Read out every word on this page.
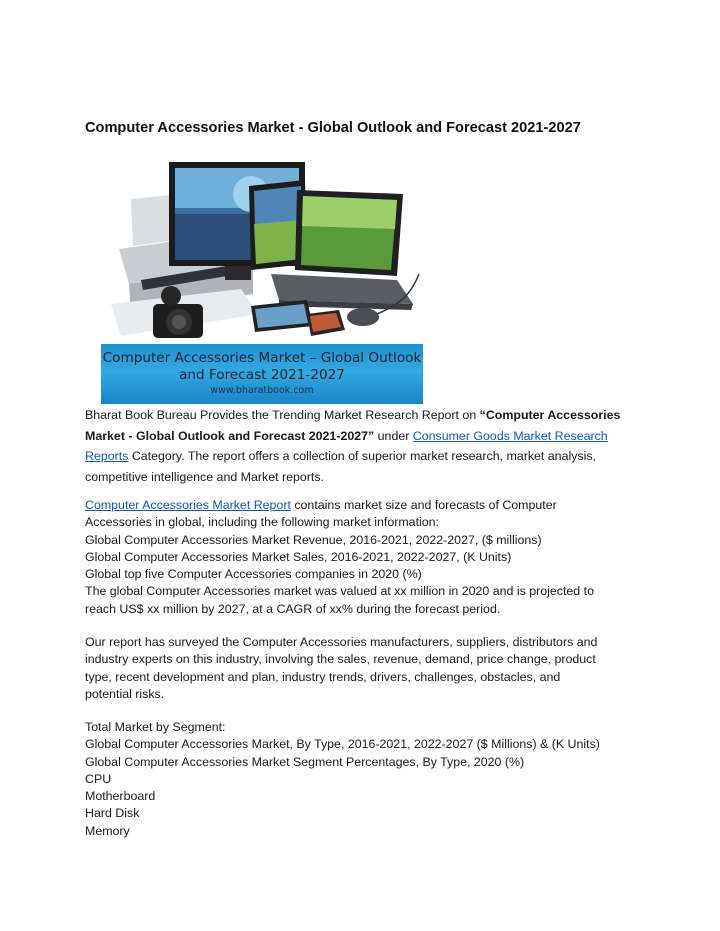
Computer Accessories Market - Global Outlook and Forecast 2021-2027
Computer Accessories Market – Global Outlook
and Forecast 2021-2027
www.bharatbook.com
Bharat Book Bureau Provides the Trending Market Research Report on “Computer Accessories
Market - Global Outlook and Forecast 2021-2027” under Consumer Goods Market Research
Reports Category. The report offers a collection of superior market research, market analysis,
competitive intelligence and Market reports.
Computer Accessories Market Report contains market size and forecasts of Computer
Accessories in global, including the following market information:
Global Computer Accessories Market Revenue, 2016-2021, 2022-2027, ($ millions)
Global Computer Accessories Market Sales, 2016-2021, 2022-2027, (K Units)
Global top five Computer Accessories companies in 2020 (%)
The global Computer Accessories market was valued at xx million in 2020 and is projected to
reach US$ xx million by 2027, at a CAGR of xx% during the forecast period.
Our report has surveyed the Computer Accessories manufacturers, suppliers, distributors and
industry experts on this industry, involving the sales, revenue, demand, price change, product
type, recent development and plan, industry trends, drivers, challenges, obstacles, and
potential risks.
Total Market by Segment:
Global Computer Accessories Market, By Type, 2016-2021, 2022-2027 ($ Millions) & (K Units)
Global Computer Accessories Market Segment Percentages, By Type, 2020 (%)
CPU
Motherboard
Hard Disk
Memory
